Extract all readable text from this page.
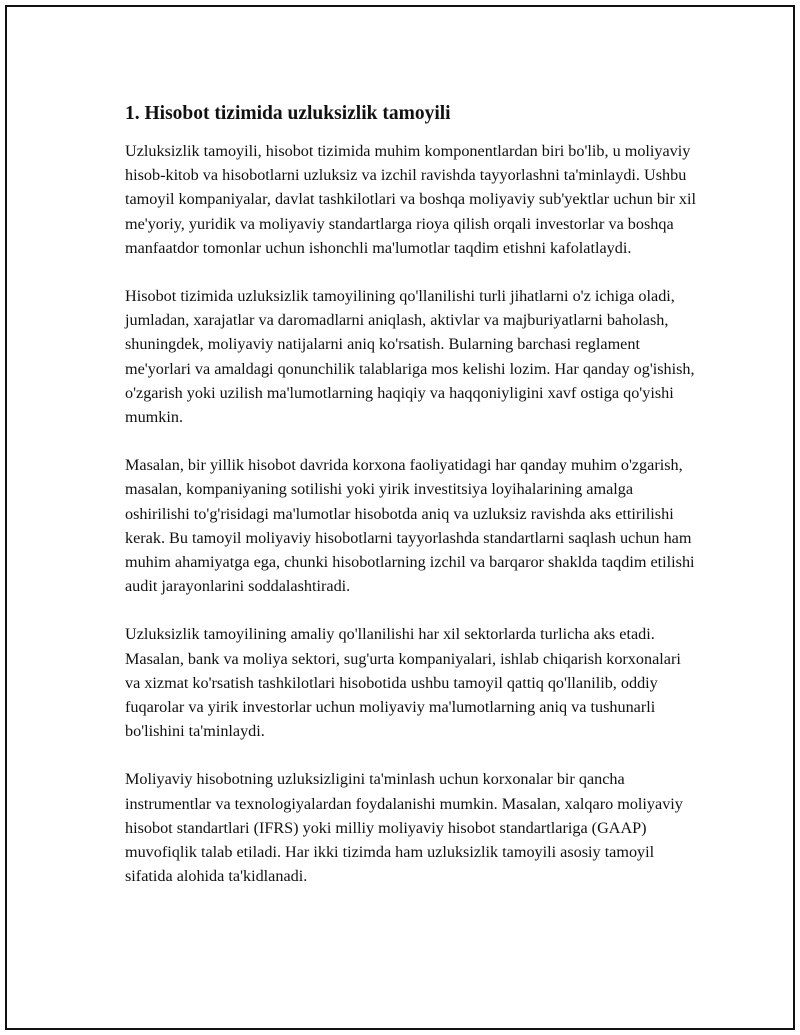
1. Hisobot tizimida uzluksizlik tamoyili

Uzluksizlik tamoyili, hisobot tizimida muhim komponentlardan biri bo'lib, u moliyaviy hisob-kitob va hisobotlarni uzluksiz va izchil ravishda tayyorlashni ta'minlaydi. Ushbu tamoyil kompaniyalar, davlat tashkilotlari va boshqa moliyaviy sub'yektlar uchun bir xil me'yoriy, yuridik va moliyaviy standartlarga rioya qilish orqali investorlar va boshqa manfaatdor tomonlar uchun ishonchli ma'lumotlar taqdim etishni kafolatlaydi.

Hisobot tizimida uzluksizlik tamoyilining qo'llanilishi turli jihatlarni o'z ichiga oladi, jumladan, xarajatlar va daromadlarni aniqlash, aktivlar va majburiyatlarni baholash, shuningdek, moliyaviy natijalarni aniq ko'rsatish. Bularning barchasi reglament me'yorlari va amaldagi qonunchilik talablariga mos kelishi lozim. Har qanday og'ishish, o'zgarish yoki uzilish ma'lumotlarning haqiqiy va haqqoniyligini xavf ostiga qo'yishi mumkin.

Masalan, bir yillik hisobot davrida korxona faoliyatidagi har qanday muhim o'zgarish, masalan, kompaniyaning sotilishi yoki yirik investitsiya loyihalarining amalga oshirilishi to'g'risidagi ma'lumotlar hisobotda aniq va uzluksiz ravishda aks ettirilishi kerak. Bu tamoyil moliyaviy hisobotlarni tayyorlashda standartlarni saqlash uchun ham muhim ahamiyatga ega, chunki hisobotlarning izchil va barqaror shaklda taqdim etilishi audit jarayonlarini soddalashtiradi.

Uzluksizlik tamoyilining amaliy qo'llanilishi har xil sektorlarda turlicha aks etadi. Masalan, bank va moliya sektori, sug'urta kompaniyalari, ishlab chiqarish korxonalari va xizmat ko'rsatish tashkilotlari hisobotida ushbu tamoyil qattiq qo'llanilib, oddiy fuqarolar va yirik investorlar uchun moliyaviy ma'lumotlarning aniq va tushunarli bo'lishini ta'minlaydi.

Moliyaviy hisobotning uzluksizligini ta'minlash uchun korxonalar bir qancha instrumentlar va texnologiyalardan foydalanishi mumkin. Masalan, xalqaro moliyaviy hisobot standartlari (IFRS) yoki milliy moliyaviy hisobot standartlariga (GAAP) muvofiqlik talab etiladi. Har ikki tizimda ham uzluksizlik tamoyili asosiy tamoyil sifatida alohida ta'kidlanadi.
